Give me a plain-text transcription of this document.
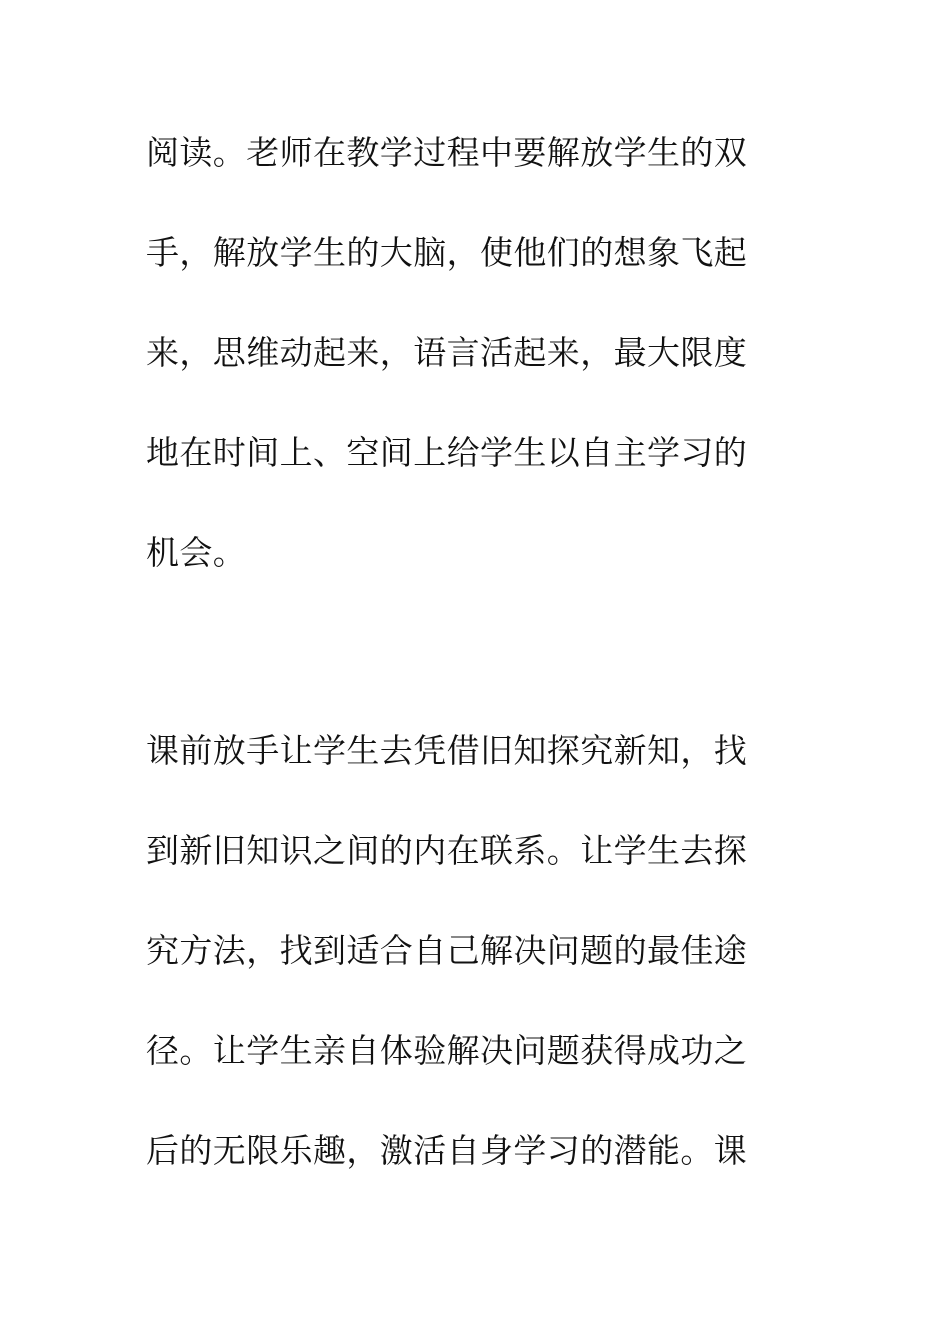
阅读。老师在教学过程中要解放学生的双
手，解放学生的大脑，使他们的想象飞起
来，思维动起来，语言活起来，最大限度
地在时间上、空间上给学生以自主学习的
机会。
课前放手让学生去凭借旧知探究新知，找
到新旧知识之间的内在联系。让学生去探
究方法，找到适合自己解决问题的最佳途
径。让学生亲自体验解决问题获得成功之
后的无限乐趣，激活自身学习的潜能。课
